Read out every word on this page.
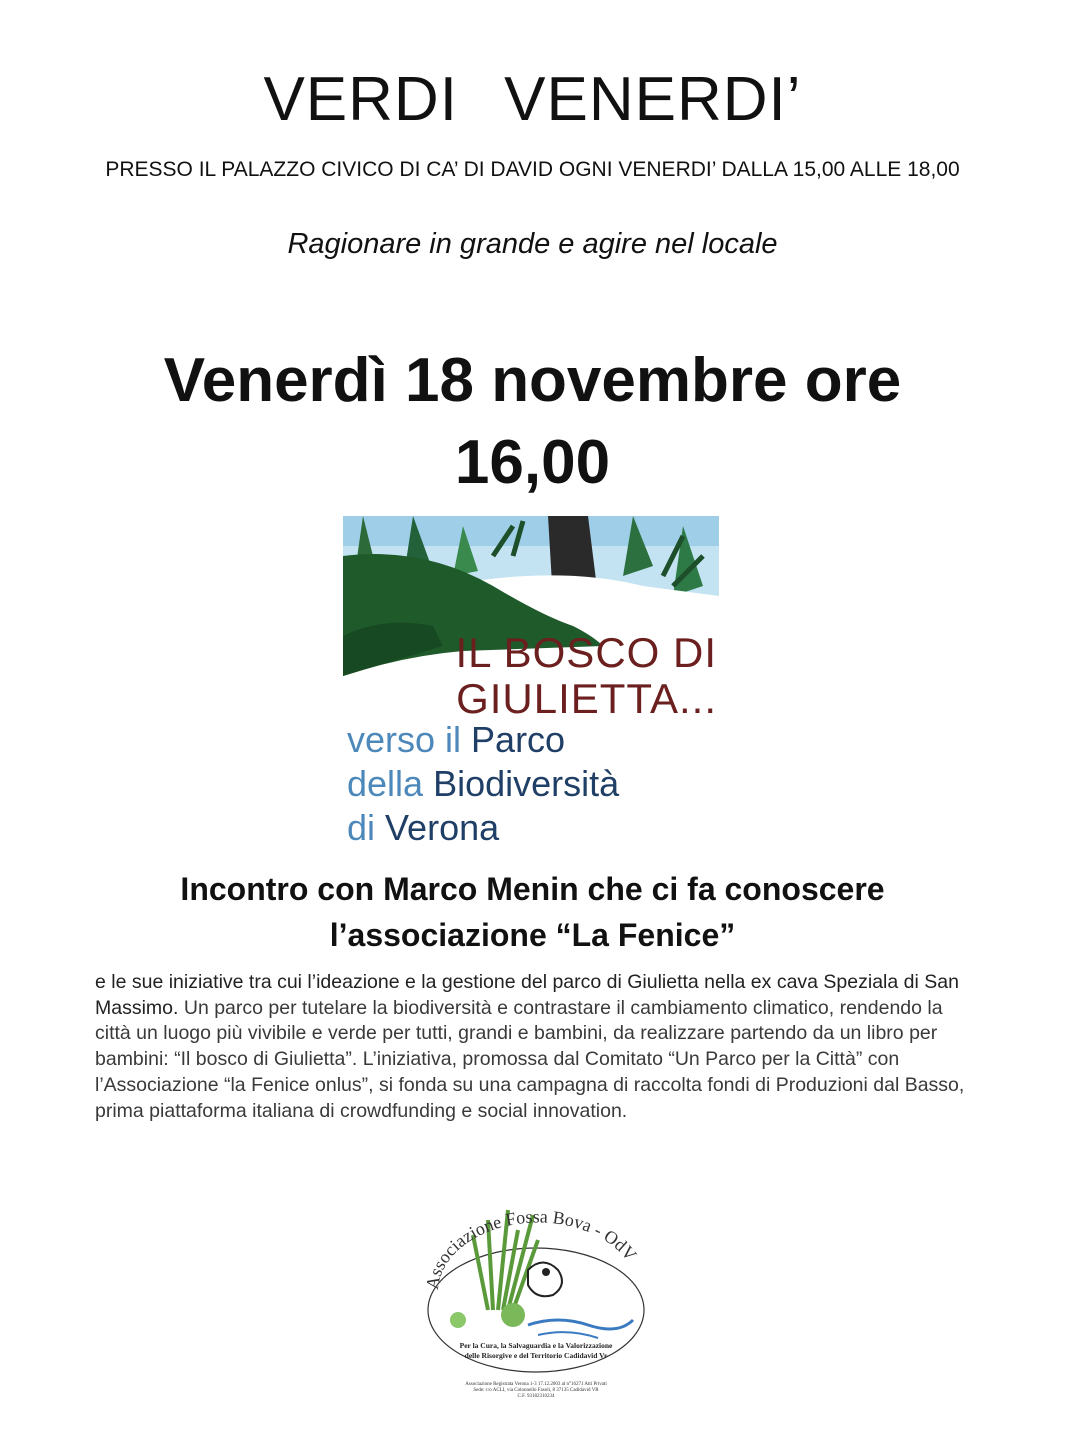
VERDI VENERDI’
PRESSO IL PALAZZO CIVICO DI CA’ DI DAVID OGNI VENERDI’ DALLA 15,00 ALLE 18,00
Ragionare in grande e agire nel locale
Venerdì 18 novembre ore
16,00
IL BOSCO DI
GIULIETTA...
verso il Parco
della Biodiversità
di Verona
Incontro con Marco Menin che ci fa conoscere
l’associazione “La Fenice”
e le sue iniziative tra cui l’ideazione e la gestione del parco di Giulietta nella ex cava Speziala di San Massimo. Un parco per tutelare la biodiversità e contrastare il cambiamento climatico, rendendo la città un luogo più vivibile e verde per tutti, grandi e bambini, da realizzare partendo da un libro per bambini: “Il bosco di Giulietta”. L’iniziativa, promossa dal Comitato “Un Parco per la Città” con l’Associazione “la Fenice onlus”, si fonda su una campagna di raccolta fondi di Produzioni dal Basso, prima piattaforma italiana di crowdfunding e social innovation.
Associazione Fossa Bova - OdV
Per la Cura, la Salvaguardia e la Valorizzazione
delle Risorgive e del Territorio Cadidavid Vr
Associazione Registrata Verona 1-3 17.12.2003 al n°16271 Atti Privati
Sede: c/o ACLI, via Colonnello Fasoli, 8 37135 Cadidavid VR
C.F. 93182310234
